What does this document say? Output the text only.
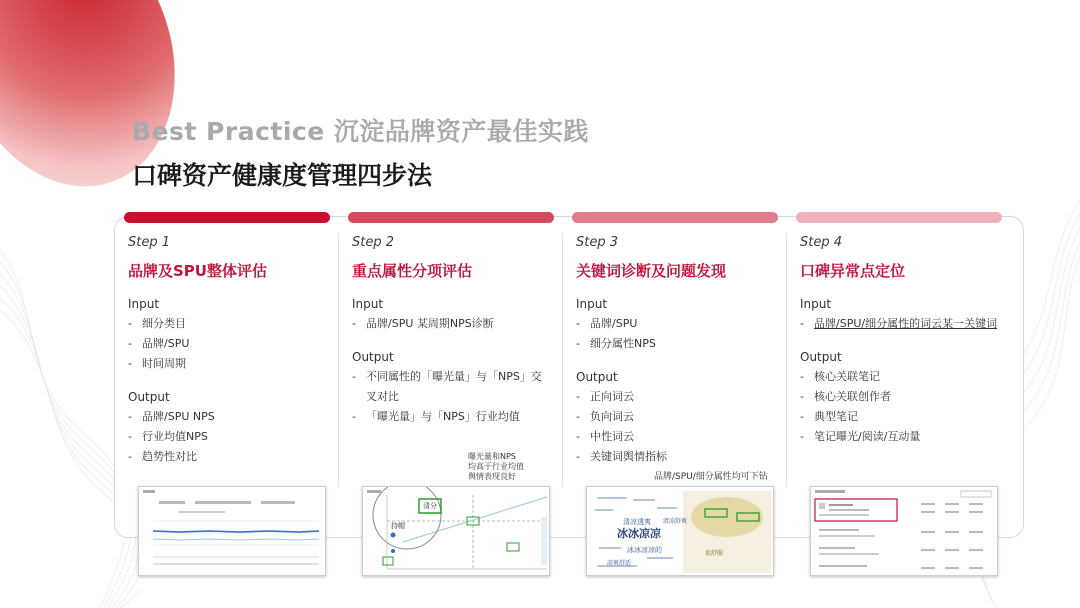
Best Practice 沉淀品牌资产最佳实践
口碑资产健康度管理四步法
Step 1
品牌及SPU整体评估
Input
- 细分类目
- 品牌/SPU
- 时间周期
Output
- 品牌/SPU NPS
- 行业均值NPS
- 趋势性对比
Step 2
重点属性分项评估
Input
- 品牌/SPU 某周期NPS诊断
Output
- 不同属性的「曝光量」与「NPS」交叉对比
- 「曝光量」与「NPS」行业均值
曝光量和NPS
均高于行业均值
舆情表现良好
清分
持帽
Step 3
关键词诊断及问题发现
Input
- 品牌/SPU
- 细分属性NPS
Output
- 正向词云
- 负向词云
- 中性词云
- 关键词舆情指标
品牌/SPU/细分属性均可下钻
清凉透爽
冰冰凉凉
冰冰凉凉的
清凉舒爽
凉爽舒适
很舒服
Step 4
口碑异常点定位
Input
- 品牌/SPU/细分属性的词云某一关键词
Output
- 核心关联笔记
- 核心关联创作者
- 典型笔记
- 笔记曝光/阅读/互动量
